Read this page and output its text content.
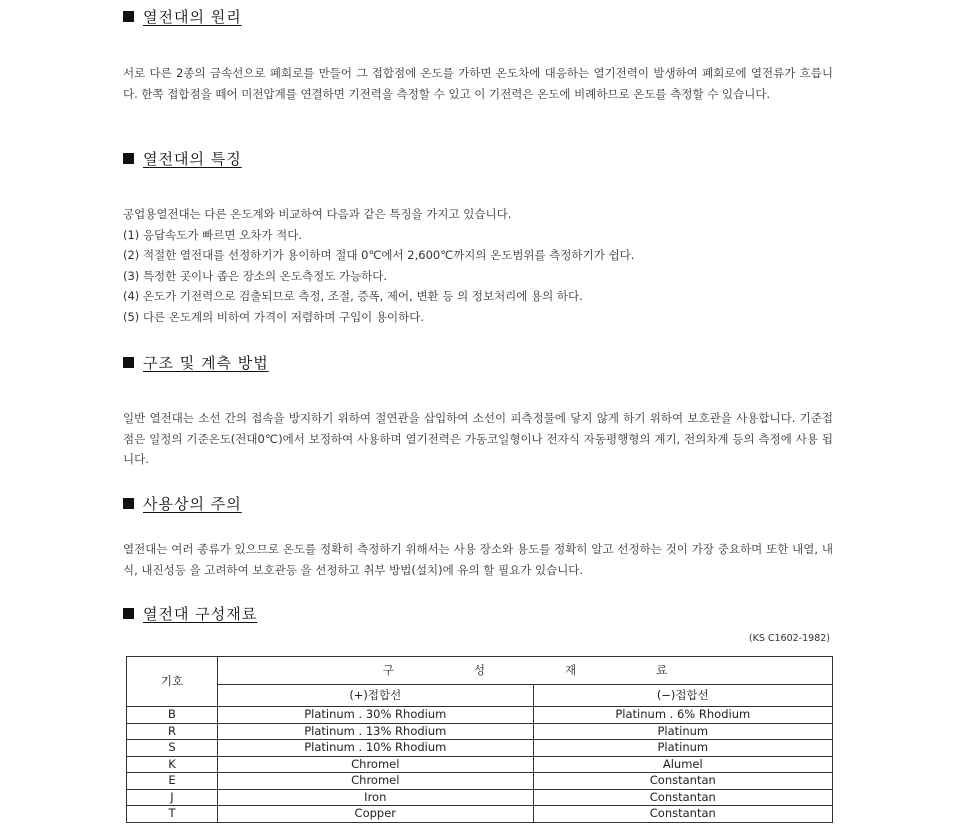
열전대의 원리
서로 다른 2종의 금속선으로 폐회로를 만들어 그 접합점에 온도를 가하면 온도차에 대응하는 열기전력이 발생하여 폐회로에 열전류가 흐릅니다. 한쪽 접합점을 떼어 미전압계를 연결하면 기전력을 측정할 수 있고 이 기전력은 온도에 비례하므로 온도를 측정할 수 있습니다.
열전대의 특징
공업용열전대는 다른 온도계와 비교하여 다음과 같은 특징을 가지고 있습니다.
(1) 응답속도가 빠르면 오차가 적다.
(2) 적절한 열전대를 선정하기가 용이하며 절대 0℃에서 2,600℃까지의 온도범위를 측정하기가 쉽다.
(3) 특정한 곳이나 좁은 장소의 온도측정도 가능하다.
(4) 온도가 기전력으로 검출되므로 측정, 조절, 증폭, 제어, 변환 등 의 정보처리에 용의 하다.
(5) 다른 온도계의 비하여 가격이 저렴하며 구입이 용이하다.
구조 및 계측 방법
일반 열전대는 소선 간의 접속을 방지하기 위하여 절연관을 삽입하여 소선이 피측정물에 닿지 않게 하기 위하여 보호관을 사용합니다. 기준접점은 일정의 기준온도(전대0℃)에서 보정하여 사용하며 열기전력은 가동코일형이나 전자식 자동평행형의 계기, 전의차계 등의 측정에 사용 됩니다.
사용상의 주의
열전대는 여러 종류가 있으므로 온도를 정확히 측정하기 위해서는 사용 장소와 용도를 정확히 알고 선정하는 것이 가장 중요하며 또한 내열, 내식, 내진성등 을 고려하여 보호관등 을 선정하고 취부 방법(설치)에 유의 할 필요가 있습니다.
열전대 구성재료
(KS C1602-1982)
기호	구성재료	
	(+)접합선	(−)접합선
B	Platinum . 30% Rhodium	Platinum . 6% Rhodium
R	Platinum . 13% Rhodium	Platinum
S	Platinum . 10% Rhodium	Platinum
K	Chromel	Alumel
E	Chromel	Constantan
J	Iron	Constantan
T	Copper	Constantan
